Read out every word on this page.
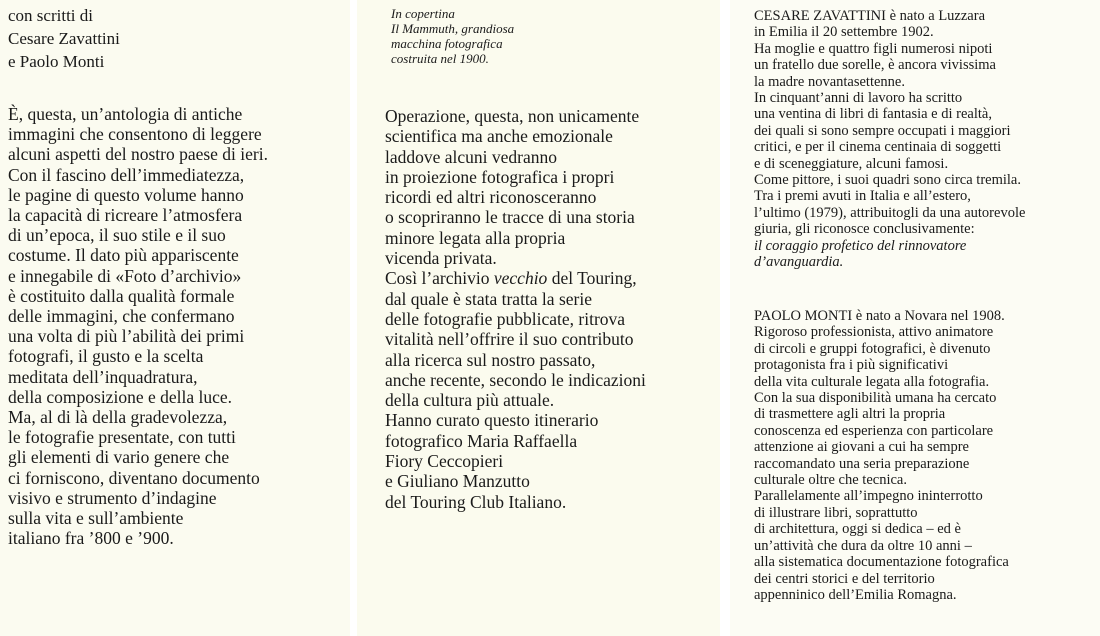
con scritti di
Cesare Zavattini
e Paolo Monti
È, questa, un’antologia di antiche
immagini che consentono di leggere
alcuni aspetti del nostro paese di ieri.
Con il fascino dell’immediatezza,
le pagine di questo volume hanno
la capacità di ricreare l’atmosfera
di un’epoca, il suo stile e il suo
costume. Il dato più appariscente
e innegabile di «Foto d’archivio»
è costituito dalla qualità formale
delle immagini, che confermano
una volta di più l’abilità dei primi
fotografi, il gusto e la scelta
meditata dell’inquadratura,
della composizione e della luce.
Ma, al di là della gradevolezza,
le fotografie presentate, con tutti
gli elementi di vario genere che
ci forniscono, diventano documento
visivo e strumento d’indagine
sulla vita e sull’ambiente
italiano fra ’800 e ’900.
In copertina
Il Mammuth, grandiosa
macchina fotografica
costruita nel 1900.
Operazione, questa, non unicamente
scientifica ma anche emozionale
laddove alcuni vedranno
in proiezione fotografica i propri
ricordi ed altri riconosceranno
o scopriranno le tracce di una storia
minore legata alla propria
vicenda privata.
Così l’archivio vecchio del Touring,
dal quale è stata tratta la serie
delle fotografie pubblicate, ritrova
vitalità nell’offrire il suo contributo
alla ricerca sul nostro passato,
anche recente, secondo le indicazioni
della cultura più attuale.
Hanno curato questo itinerario
fotografico Maria Raffaella
Fiory Ceccopieri
e Giuliano Manzutto
del Touring Club Italiano.
CESARE ZAVATTINI è nato a Luzzara
in Emilia il 20 settembre 1902.
Ha moglie e quattro figli numerosi nipoti
un fratello due sorelle, è ancora vivissima
la madre novantasettenne.
In cinquant’anni di lavoro ha scritto
una ventina di libri di fantasia e di realtà,
dei quali si sono sempre occupati i maggiori
critici, e per il cinema centinaia di soggetti
e di sceneggiature, alcuni famosi.
Come pittore, i suoi quadri sono circa tremila.
Tra i premi avuti in Italia e all’estero,
l’ultimo (1979), attribuitogli da una autorevole
giuria, gli riconosce conclusivamente:
il coraggio profetico del rinnovatore
d’avanguardia.
PAOLO MONTI è nato a Novara nel 1908.
Rigoroso professionista, attivo animatore
di circoli e gruppi fotografici, è divenuto
protagonista fra i più significativi
della vita culturale legata alla fotografia.
Con la sua disponibilità umana ha cercato
di trasmettere agli altri la propria
conoscenza ed esperienza con particolare
attenzione ai giovani a cui ha sempre
raccomandato una seria preparazione
culturale oltre che tecnica.
Parallelamente all’impegno ininterrotto
di illustrare libri, soprattutto
di architettura, oggi si dedica – ed è
un’attività che dura da oltre 10 anni –
alla sistematica documentazione fotografica
dei centri storici e del territorio
appenninico dell’Emilia Romagna.
